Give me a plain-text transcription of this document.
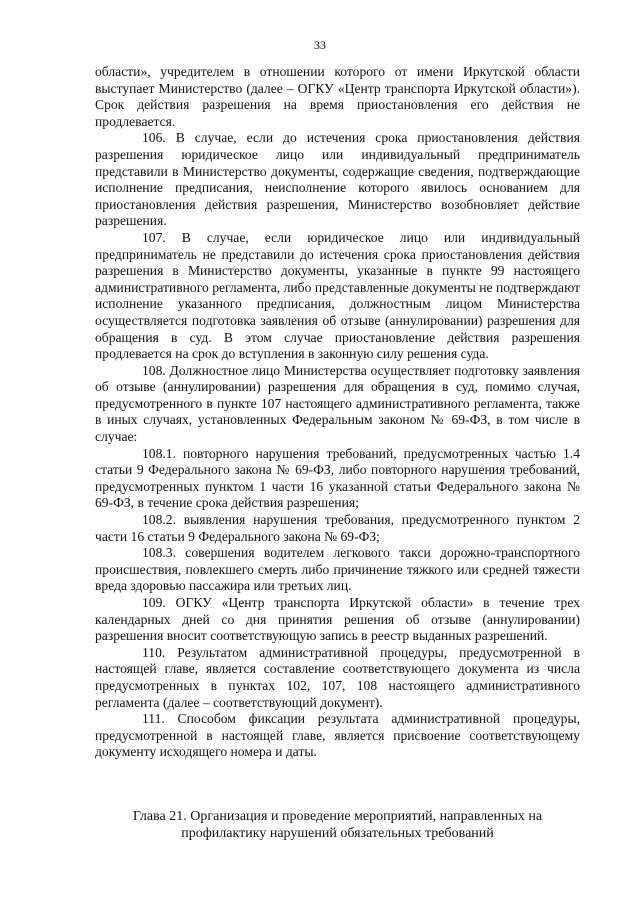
33

области», учредителем в отношении которого от имени Иркутской области выступает Министерство (далее – ОГКУ «Центр транспорта Иркутской области»). Срок действия разрешения на время приостановления его действия не продлевается.

106. В случае, если до истечения срока приостановления действия разрешения юридическое лицо или индивидуальный предприниматель представили в Министерство документы, содержащие сведения, подтверждающие исполнение предписания, неисполнение которого явилось основанием для приостановления действия разрешения, Министерство возобновляет действие разрешения.

107. В случае, если юридическое лицо или индивидуальный предприниматель не представили до истечения срока приостановления действия разрешения в Министерство документы, указанные в пункте 99 настоящего административного регламента, либо представленные документы не подтверждают исполнение указанного предписания, должностным лицом Министерства осуществляется подготовка заявления об отзыве (аннулировании) разрешения для обращения в суд. В этом случае приостановление действия разрешения продлевается на срок до вступления в законную силу решения суда.

108. Должностное лицо Министерства осуществляет подготовку заявления об отзыве (аннулировании) разрешения для обращения в суд, помимо случая, предусмотренного в пункте 107 настоящего административного регламента, также в иных случаях, установленных Федеральным законом № 69-ФЗ, в том числе в случае:

108.1. повторного нарушения требований, предусмотренных частью 1.4 статьи 9 Федерального закона № 69-ФЗ, либо повторного нарушения требований, предусмотренных пунктом 1 части 16 указанной статьи Федерального закона № 69-ФЗ, в течение срока действия разрешения;

108.2. выявления нарушения требования, предусмотренного пунктом 2 части 16 статьи 9 Федерального закона № 69-ФЗ;

108.3. совершения водителем легкового такси дорожно-транспортного происшествия, повлекшего смерть либо причинение тяжкого или средней тяжести вреда здоровью пассажира или третьих лиц.

109. ОГКУ «Центр транспорта Иркутской области» в течение трех календарных дней со дня принятия решения об отзыве (аннулировании) разрешения вносит соответствующую запись в реестр выданных разрешений.

110. Результатом административной процедуры, предусмотренной в настоящей главе, является составление соответствующего документа из числа предусмотренных в пунктах 102, 107, 108 настоящего административного регламента (далее – соответствующий документ).

111. Способом фиксации результата административной процедуры, предусмотренной в настоящей главе, является присвоение соответствующему документу исходящего номера и даты.

Глава 21. Организация и проведение мероприятий, направленных на
профилактику нарушений обязательных требований
